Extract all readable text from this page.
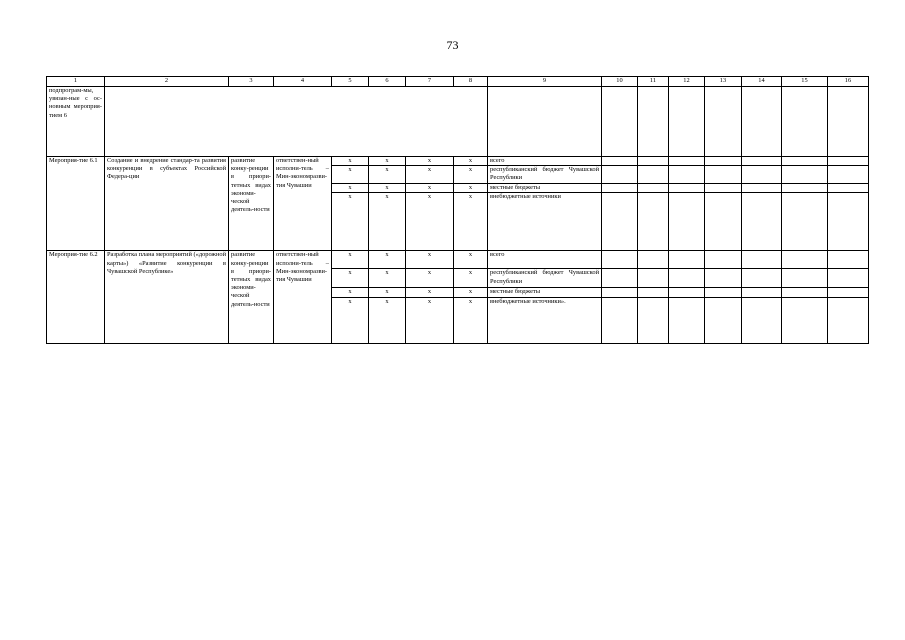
73
1	2	3	4	5	6	7	8	9	10	11	12	13	14	15	16
подпрограм-мы, увязан-ные с ос-новным мероприя-тием 6															
Мероприя-тие 6.1	Создание и внедрение стандар-та развития конкуренции в субъектах Российской Федера-ции	развитие конку-ренции в приори-тетных видах экономи-ческой деятель-ности	ответствен-ный исполни-тель – Мин-экономразви-тия Чувашии	х	х	х	х	всего							
				х	х	х	х	республиканский бюджет Чувашской Республики							
				х	х	х	х	местные бюджеты							
				х	х	х	х	внебюджетные источники							
Мероприя-тие 6.2	Разработка плана мероприятий («дорожной карты») «Развитие конкуренции в Чувашской Республике»	развитие конку-ренции в приори-тетных видах экономи-ческой деятель-ности	ответствен-ный исполни-тель – Мин-экономразви-тия Чувашии	х	х	х	х	всего							
				х	х	х	х	республиканский бюджет Чувашской Республики							
				х	х	х	х	местные бюджеты							
				х	х	х	х	внебюджетные источники».							
